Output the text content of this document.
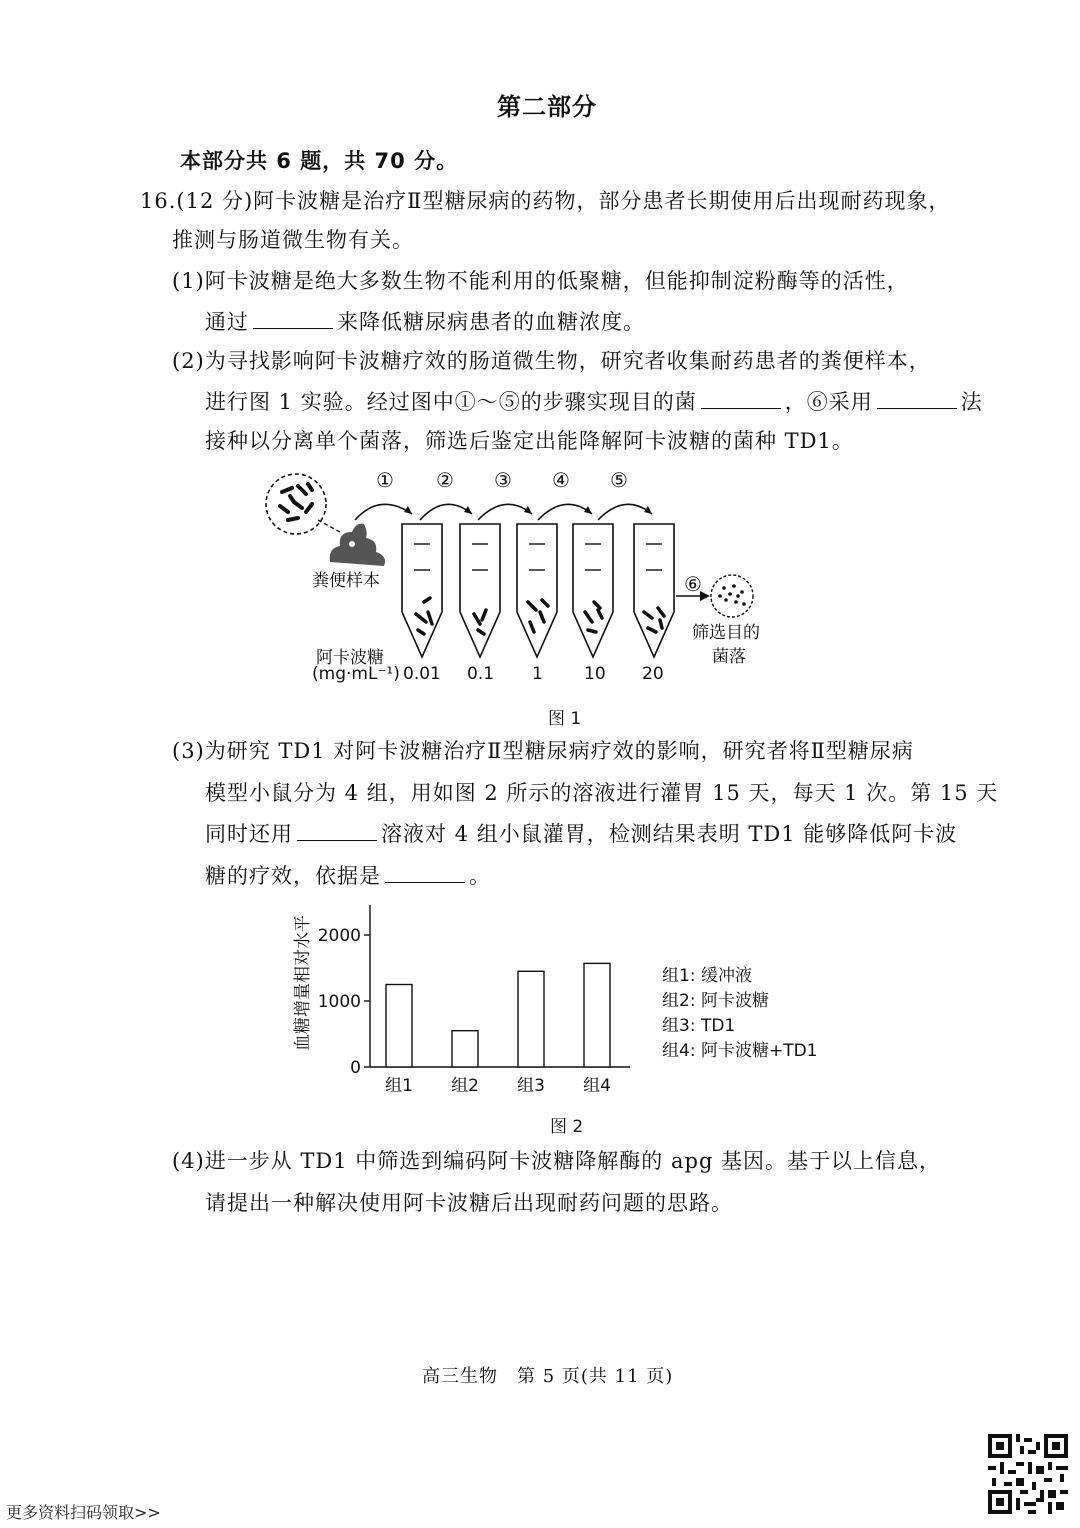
第二部分
本部分共 6 题，共 70 分。
16.(12 分)阿卡波糖是治疗Ⅱ型糖尿病的药物，部分患者长期使用后出现耐药现象，
推测与肠道微生物有关。
(1)阿卡波糖是绝大多数生物不能利用的低聚糖，但能抑制淀粉酶等的活性，
通过	来降低糖尿病患者的血糖浓度。
(2)为寻找影响阿卡波糖疗效的肠道微生物，研究者收集耐药患者的粪便样本，
进行图 1 实验。经过图中①～⑤的步骤实现目的菌	，⑥采用	法
接种以分离单个菌落，筛选后鉴定出能降解阿卡波糖的菌种 TD1。
① ② ③ ④ ⑤
⑥
粪便样本
阿卡波糖
(mg·mL⁻¹) 0.01 0.1 1 10 20
筛选目的
菌落
图 1
(3)为研究 TD1 对阿卡波糖治疗Ⅱ型糖尿病疗效的影响，研究者将Ⅱ型糖尿病
模型小鼠分为 4 组，用如图 2 所示的溶液进行灌胃 15 天，每天 1 次。第 15 天
同时还用	溶液对 4 组小鼠灌胃，检测结果表明 TD1 能够降低阿卡波
糖的疗效，依据是	。
血糖增量相对水平
0
1000
2000
组1 组2 组3 组4
组1: 缓冲液
组2: 阿卡波糖
组3: TD1
组4: 阿卡波糖+TD1
图 2
(4)进一步从 TD1 中筛选到编码阿卡波糖降解酶的 apg 基因。基于以上信息，
请提出一种解决使用阿卡波糖后出现耐药问题的思路。
高三生物　第 5 页(共 11 页)
更多资料扫码领取>>
